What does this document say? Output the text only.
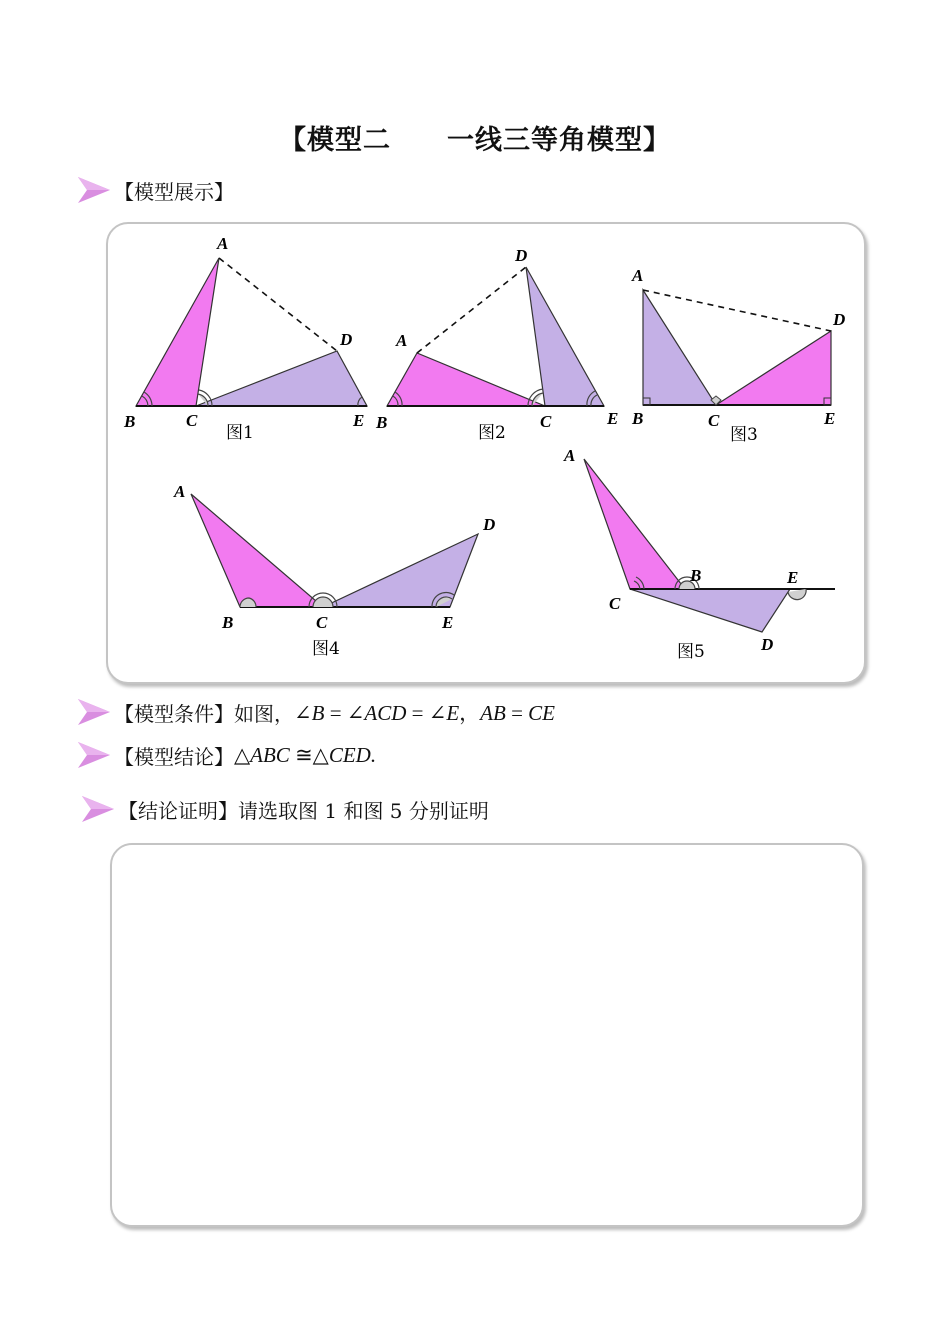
【模型二 一线三等角模型】
【模型展示】
A
B	C
D
E
图1
A
B	C
D
E
图2
A
B	C
D
E
图3
A
B	C
D
E
图4
A
B
C
D
E
图5
【模型条件】 如图， ∠B = ∠ACD = ∠E，AB = CE
【模型结论】 △ABC ≅△CED.
【结论证明】 请选取图 1 和图 5 分别证明
